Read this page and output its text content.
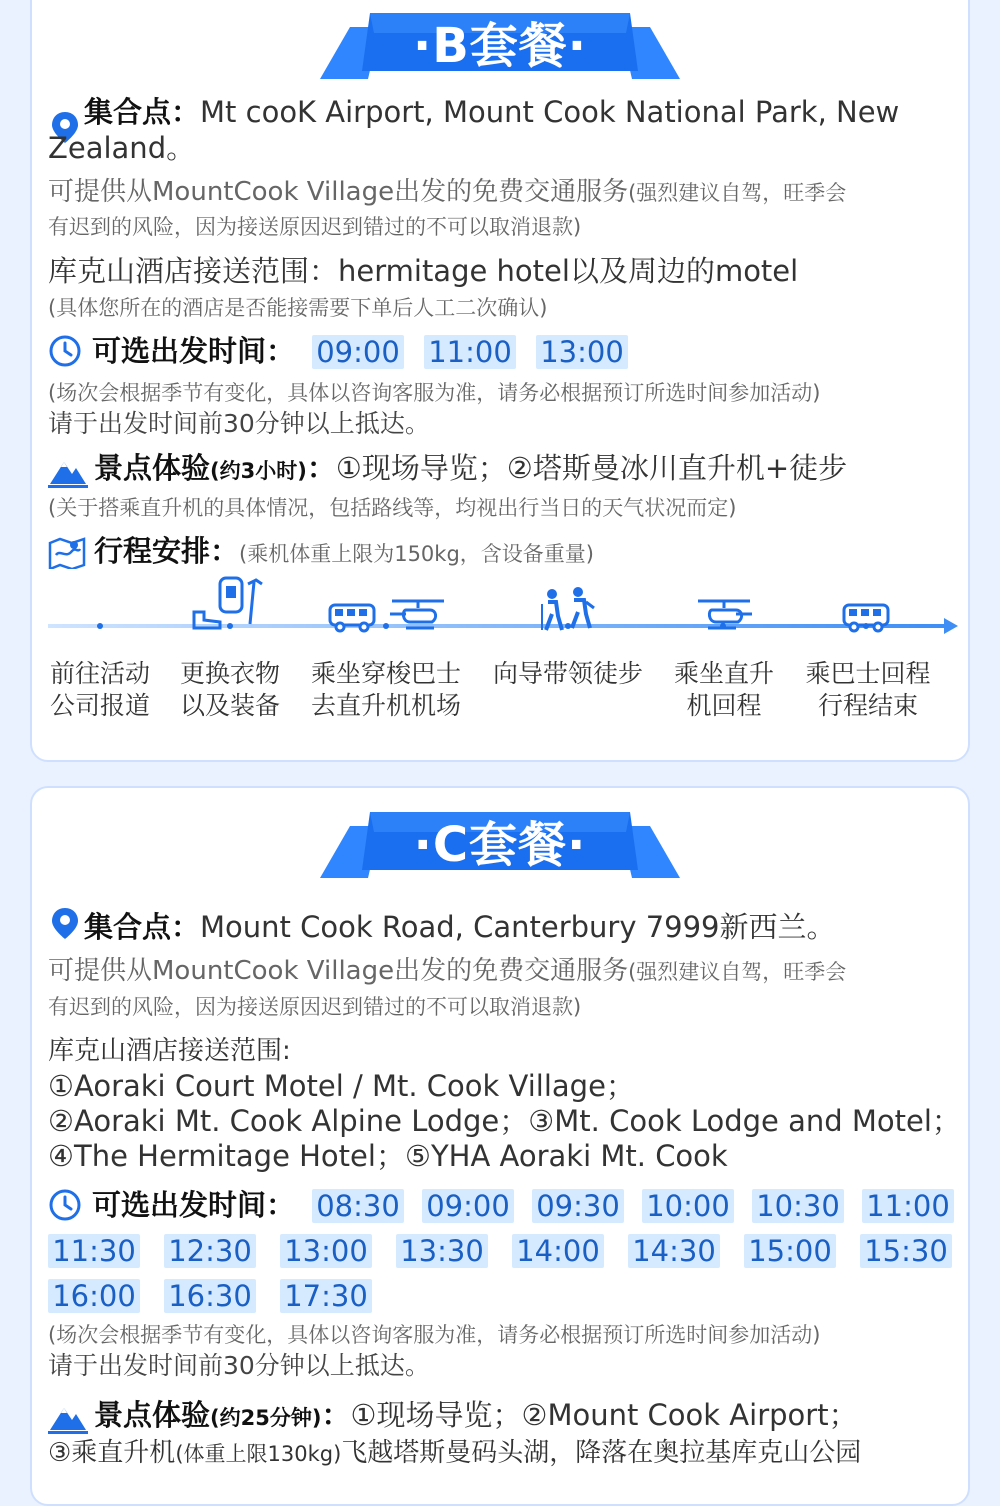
·B套餐·
集合点：Mt cooK Airport, Mount Cook National Park, New
Zealand。
可提供从MountCook Village出发的免费交通服务(强烈建议自驾，旺季会
有迟到的风险，因为接送原因迟到错过的不可以取消退款)
库克山酒店接送范围：hermitage hotel以及周边的motel
(具体您所在的酒店是否能接需要下单后人工二次确认)
可选出发时间： 09:00 11:00 13:00
(场次会根据季节有变化，具体以咨询客服为准，请务必根据预订所选时间参加活动)
请于出发时间前30分钟以上抵达。
景点体验(约3小时)：①现场导览；②塔斯曼冰川直升机+徒步
(关于搭乘直升机的具体情况，包括路线等，均视出行当日的天气状况而定)
行程安排：(乘机体重上限为150kg，含设备重量)
前往活动
公司报道
更换衣物
以及装备
乘坐穿梭巴士
去直升机机场
向导带领徒步	乘坐直升
机回程
乘巴士回程
行程结束
·C套餐·
集合点：Mount Cook Road, Canterbury 7999新西兰。
可提供从MountCook Village出发的免费交通服务(强烈建议自驾，旺季会
有迟到的风险，因为接送原因迟到错过的不可以取消退款)
库克山酒店接送范围:
①Aoraki Court Motel / Mt. Cook Village；
②Aoraki Mt. Cook Alpine Lodge；③Mt. Cook Lodge and Motel；
④The Hermitage Hotel；⑤YHA Aoraki Mt. Cook
可选出发时间： 08:30 09:00 09:30 10:00 10:30 11:00
11:30 12:30 13:00 13:30 14:00 14:30 15:00 15:30
16:00 16:30 17:30
(场次会根据季节有变化，具体以咨询客服为准，请务必根据预订所选时间参加活动)
请于出发时间前30分钟以上抵达。
景点体验(约25分钟)：①现场导览；②Mount Cook Airport；
③乘直升机(体重上限130kg)飞越塔斯曼码头湖，降落在奥拉基库克山公园
